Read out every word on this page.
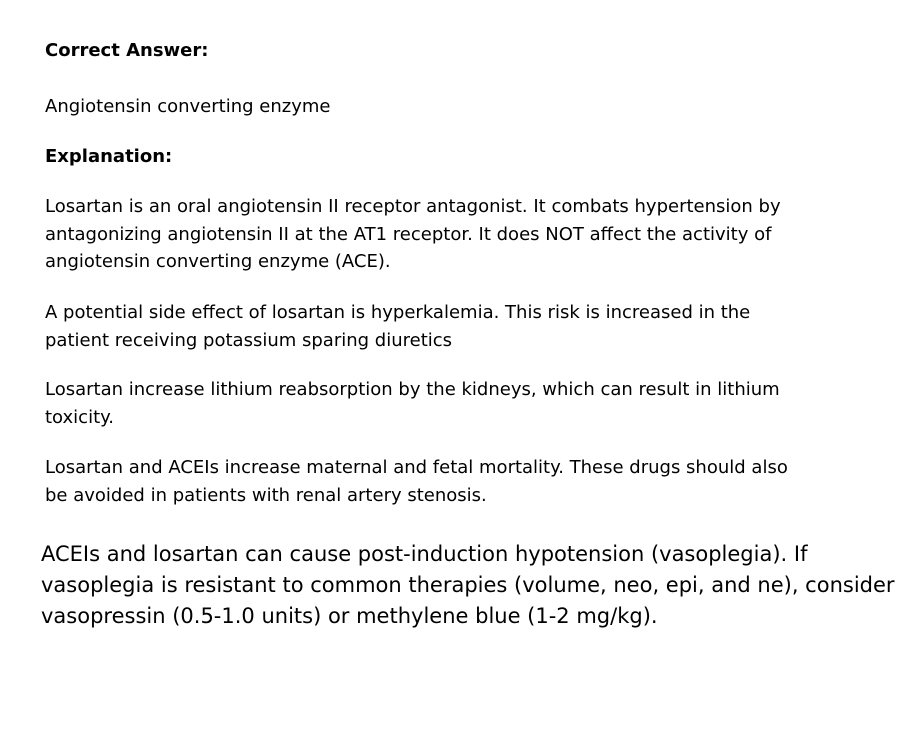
Correct Answer:

Angiotensin converting enzyme

Explanation:

Losartan is an oral angiotensin II receptor antagonist. It combats hypertension by antagonizing angiotensin II at the AT1 receptor. It does NOT affect the activity of angiotensin converting enzyme (ACE).

A potential side effect of losartan is hyperkalemia. This risk is increased in the patient receiving potassium sparing diuretics

Losartan increase lithium reabsorption by the kidneys, which can result in lithium toxicity.

Losartan and ACEIs increase maternal and fetal mortality. These drugs should also be avoided in patients with renal artery stenosis.

ACEIs and losartan can cause post-induction hypotension (vasoplegia). If vasoplegia is resistant to common therapies (volume, neo, epi, and ne), consider vasopressin (0.5-1.0 units) or methylene blue (1-2 mg/kg).
